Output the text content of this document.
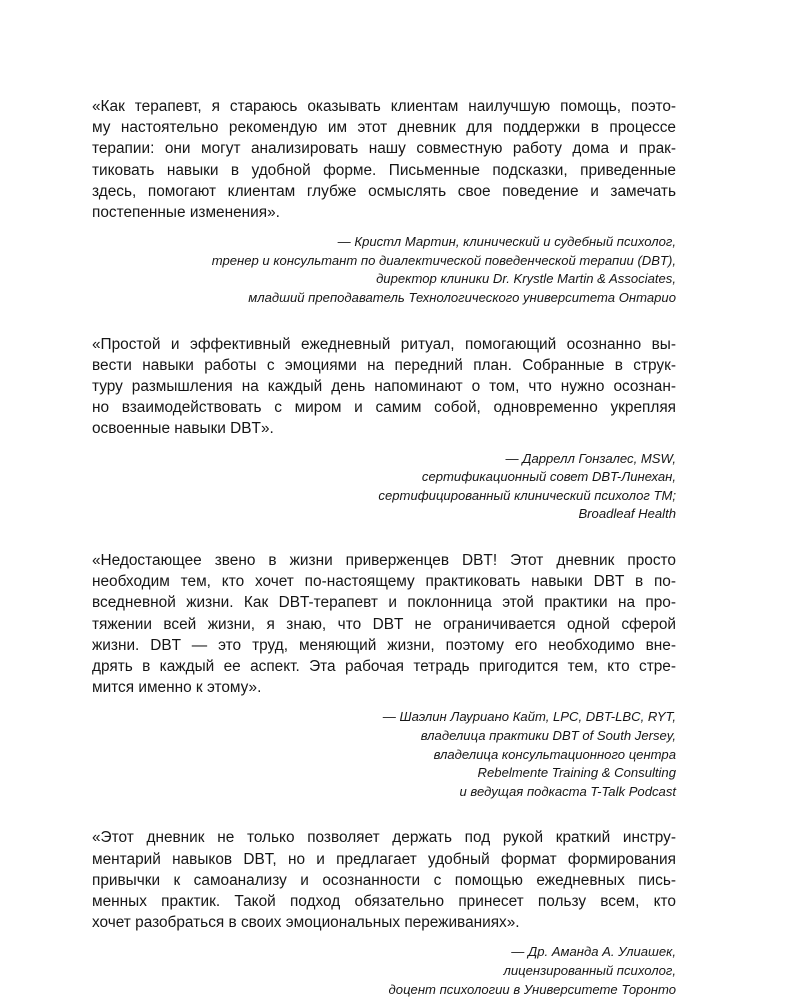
«Как терапевт, я стараюсь оказывать клиентам наилучшую помощь, поэто-
му настоятельно рекомендую им этот дневник для поддержки в процессе
терапии: они могут анализировать нашу совместную работу дома и прак-
тиковать навыки в удобной форме. Письменные подсказки, приведенные
здесь, помогают клиентам глубже осмыслять свое поведение и замечать
постепенные изменения».

— Кристл Мартин, клинический и судебный психолог,
тренер и консультант по диалектической поведенческой терапии (DBT),
директор клиники Dr. Krystle Martin & Associates,
младший преподаватель Технологического университета Онтарио

«Простой и эффективный ежедневный ритуал, помогающий осознанно вы-
вести навыки работы с эмоциями на передний план. Собранные в струк-
туру размышления на каждый день напоминают о том, что нужно осознан-
но взаимодействовать с миром и самим собой, одновременно укрепляя
освоенные навыки DBT».

— Даррелл Гонзалес, MSW,
сертификационный совет DBT-Линехан,
сертифицированный клинический психолог TM;
Broadleaf Health

«Недостающее звено в жизни приверженцев DBT! Этот дневник просто
необходим тем, кто хочет по-настоящему практиковать навыки DBT в по-
вседневной жизни. Как DBT-терапевт и поклонница этой практики на про-
тяжении всей жизни, я знаю, что DBT не ограничивается одной сферой
жизни. DBT — это труд, меняющий жизни, поэтому его необходимо вне-
дрять в каждый ее аспект. Эта рабочая тетрадь пригодится тем, кто стре-
мится именно к этому».

— Шаэлин Лауриано Кайт, LPC, DBT-LBC, RYT,
владелица практики DBT of South Jersey,
владелица консультационного центра
Rebelmente Training & Consulting
и ведущая подкаста T-Talk Podcast

«Этот дневник не только позволяет держать под рукой краткий инстру-
ментарий навыков DBT, но и предлагает удобный формат формирования
привычки к самоанализу и осознанности с помощью ежедневных пись-
менных практик. Такой подход обязательно принесет пользу всем, кто
хочет разобраться в своих эмоциональных переживаниях».

— Др. Аманда А. Улиашек,
лицензированный психолог,
доцент психологии в Университете Торонто
